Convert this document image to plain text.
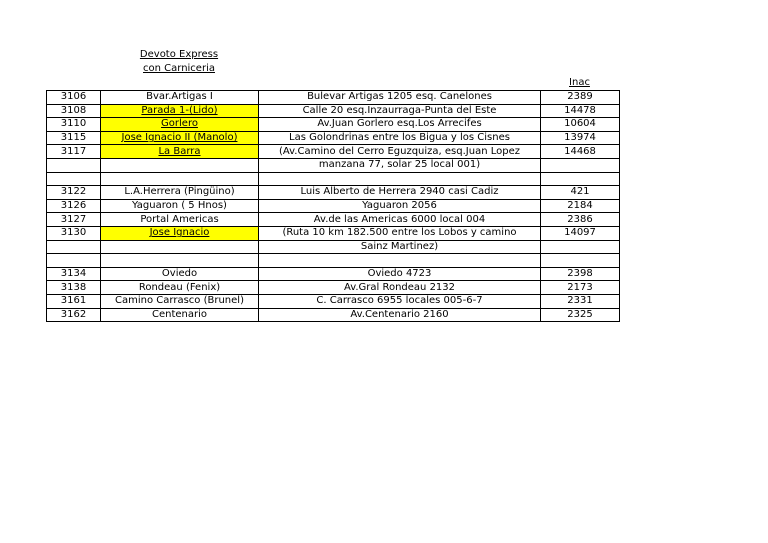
Devoto Express
con Carniceria
Inac
3106	Bvar.Artigas I	Bulevar Artigas 1205 esq. Canelones	2389
3108	Parada 1-(Lido)	Calle 20 esq.Inzaurraga-Punta del Este	14478
3110	Gorlero	Av.Juan Gorlero esq.Los Arrecifes	10604
3115	Jose Ignacio II (Manolo)	Las Golondrinas entre los Bigua y los Cisnes	13974
3117	La Barra	(Av.Camino del Cerro Eguzquiza, esq.Juan Lopez	14468
		manzana 77, solar 25 local 001)	

3122	L.A.Herrera (Pingüino)	Luis Alberto de Herrera 2940 casi Cadiz	421
3126	Yaguaron ( 5 Hnos)	Yaguaron 2056	2184
3127	Portal Americas	Av.de las Americas 6000 local 004	2386
3130	Jose Ignacio	(Ruta 10 km 182.500 entre los Lobos y camino	14097
		Sainz Martinez)	

3134	Oviedo	Oviedo 4723	2398
3138	Rondeau (Fenix)	Av.Gral Rondeau 2132	2173
3161	Camino Carrasco (Brunel)	C. Carrasco 6955 locales 005-6-7	2331
3162	Centenario	Av.Centenario 2160	2325
